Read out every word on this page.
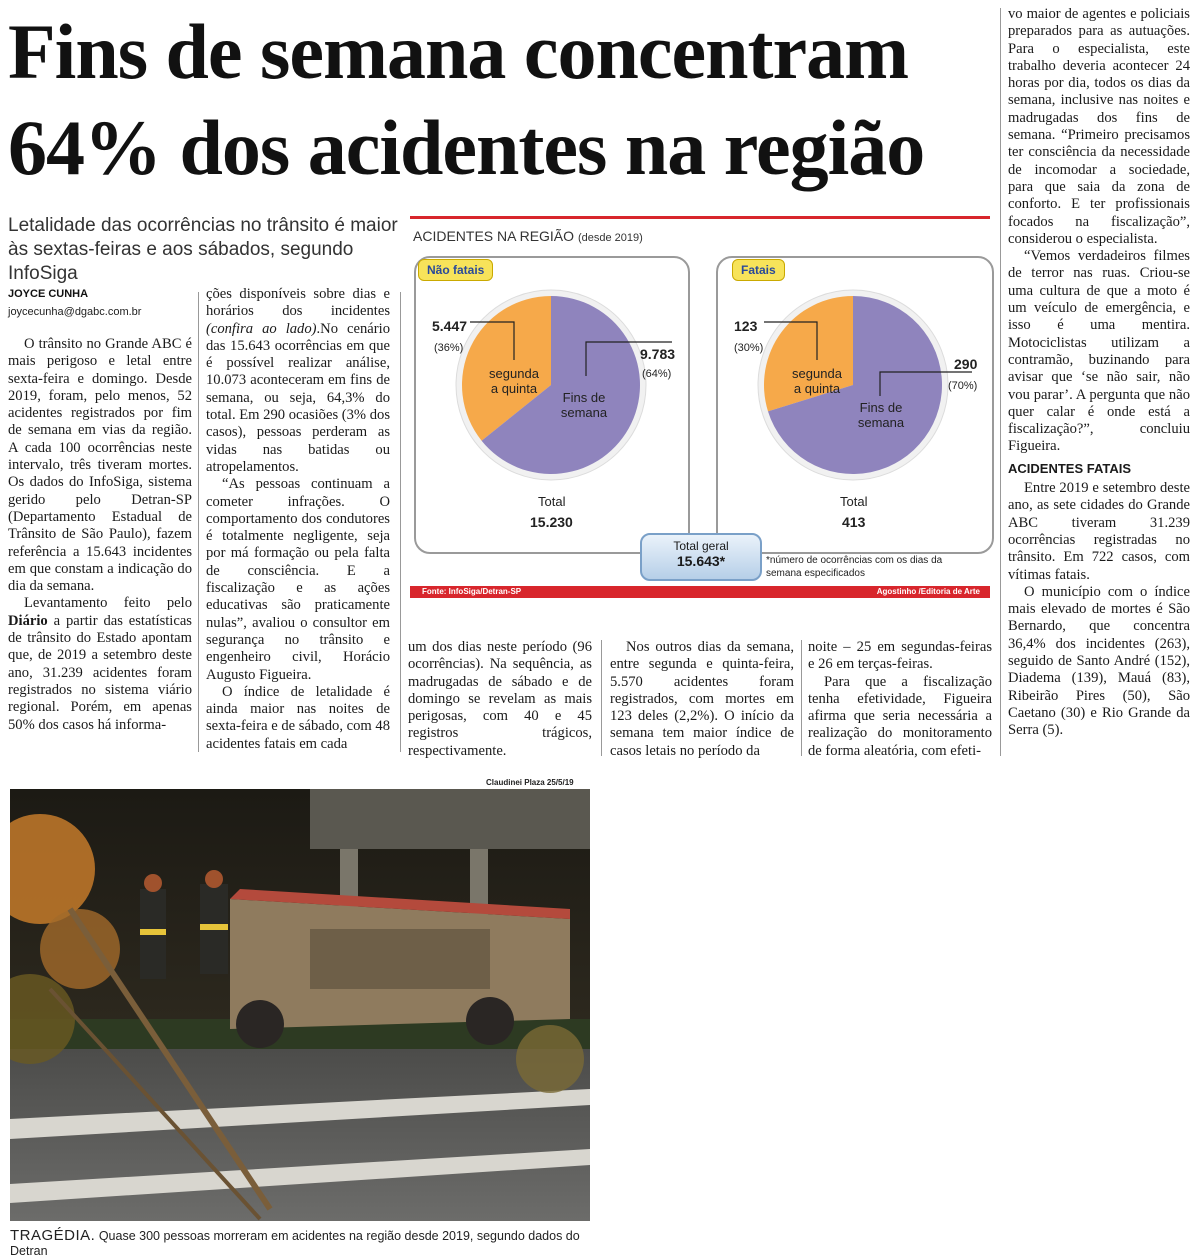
Fins de semana concentram
64% dos acidentes na região
Letalidade das ocorrências no trânsito é maior às sextas-feiras e aos sábados, segundo InfoSiga
JOYCE CUNHA
joycecunha@dgabc.com.br

O trânsito no Grande ABC é mais perigoso e letal entre sexta-feira e domingo. Desde 2019, foram, pelo menos, 52 acidentes registrados por fim de semana em vias da região. A cada 100 ocorrências neste intervalo, três tiveram mortes. Os dados do InfoSiga, sistema gerido pelo Detran-SP (Departamento Estadual de Trânsito de São Paulo), fazem referência a 15.643 incidentes em que constam a indicação do dia da semana.

Levantamento feito pelo Diário a partir das estatísticas de trânsito do Estado apontam que, de 2019 a setembro deste ano, 31.239 acidentes foram registrados no sistema viário regional. Porém, em apenas 50% dos casos há informa-

ções disponíveis sobre dias e horários dos incidentes (confira ao lado).No cenário das 15.643 ocorrências em que é possível realizar análise, 10.073 aconteceram em fins de semana, ou seja, 64,3% do total. Em 290 ocasiões (3% dos casos), pessoas perderam as vidas nas batidas ou atropelamentos.

“As pessoas continuam a cometer infrações. O comportamento dos condutores é totalmente negligente, seja por má formação ou pela falta de consciência. E a fiscalização e as ações educativas são praticamente nulas”, avaliou o consultor em segurança no trânsito e engenheiro civil, Horácio Augusto Figueira.

O índice de letalidade é ainda maior nas noites de sexta-feira e de sábado, com 48 acidentes fatais em cada

ACIDENTES NA REGIÃO (desde 2019)
Não fatais	Fatais
5.447
(36%)	9.783
(64%)
segunda
a quinta
Fins de
semana
Total
15.230
123
(30%)
290
(70%)
segunda
a quinta
Fins de
semana
Total
413
Total geral
15.643*	*número de ocorrências com os dias da semana especificados
Fonte: InfoSiga/Detran-SP	Agostinho /Editoria de Arte

um dos dias neste período (96 ocorrências). Na sequência, as madrugadas de sábado e de domingo se revelam as mais perigosas, com 40 e 45 registros trágicos, respectivamente.

Nos outros dias da semana, entre segunda e quinta-feira, 5.570 acidentes foram registrados, com mortes em 123 deles (2,2%). O início da semana tem maior índice de casos letais no período da

noite – 25 em segundas-feiras e 26 em terças-feiras.

Para que a fiscalização tenha efetividade, Figueira afirma que seria necessária a realização do monitoramento de forma aleatória, com efeti-

vo maior de agentes e policiais preparados para as autuações. Para o especialista, este trabalho deveria acontecer 24 horas por dia, todos os dias da semana, inclusive nas noites e madrugadas dos fins de semana. “Primeiro precisamos ter consciência da necessidade de incomodar a sociedade, para que saia da zona de conforto. E ter profissionais focados na fiscalização”, considerou o especialista.

“Vemos verdadeiros filmes de terror nas ruas. Criou-se uma cultura de que a moto é um veículo de emergência, e isso é uma mentira. Motociclistas utilizam a contramão, buzinando para avisar que ‘se não sair, não vou parar’. A pergunta que não quer calar é onde está a fiscalização?”, concluiu Figueira.

ACIDENTES FATAIS

Entre 2019 e setembro deste ano, as sete cidades do Grande ABC tiveram 31.239 ocorrências registradas no trânsito. Em 722 casos, com vítimas fatais.

O município com o índice mais elevado de mortes é São Bernardo, que concentra 36,4% dos incidentes (263), seguido de Santo André (152), Diadema (139), Mauá (83), Ribeirão Pires (50), São Caetano (30) e Rio Grande da Serra (5).

Claudinei Plaza 25/5/19
TRAGÉDIA. Quase 300 pessoas morreram em acidentes na região desde 2019, segundo dados do Detran
